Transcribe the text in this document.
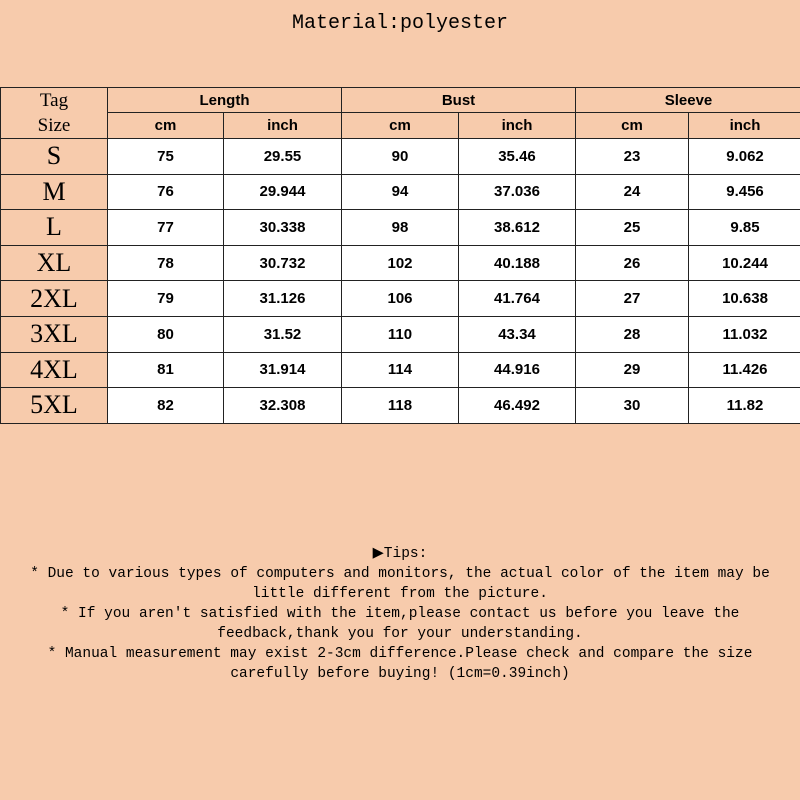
Material:polyester
Tag
Size	Length		Bust		Sleeve	
	cm	inch	cm	inch	cm	inch
S	75	29.55	90	35.46	23	9.062
M	76	29.944	94	37.036	24	9.456
L	77	30.338	98	38.612	25	9.85
XL	78	30.732	102	40.188	26	10.244
2XL	79	31.126	106	41.764	27	10.638
3XL	80	31.52	110	43.34	28	11.032
4XL	81	31.914	114	44.916	29	11.426
5XL	82	32.308	118	46.492	30	11.82
▶Tips:
* Due to various types of computers and monitors, the actual color of the item may be
little different from the picture.
* If you aren't satisfied with the item,please contact us before you leave the
feedback,thank you for your understanding.
* Manual measurement may exist 2-3cm difference.Please check and compare the size
carefully before buying! (1cm=0.39inch)
